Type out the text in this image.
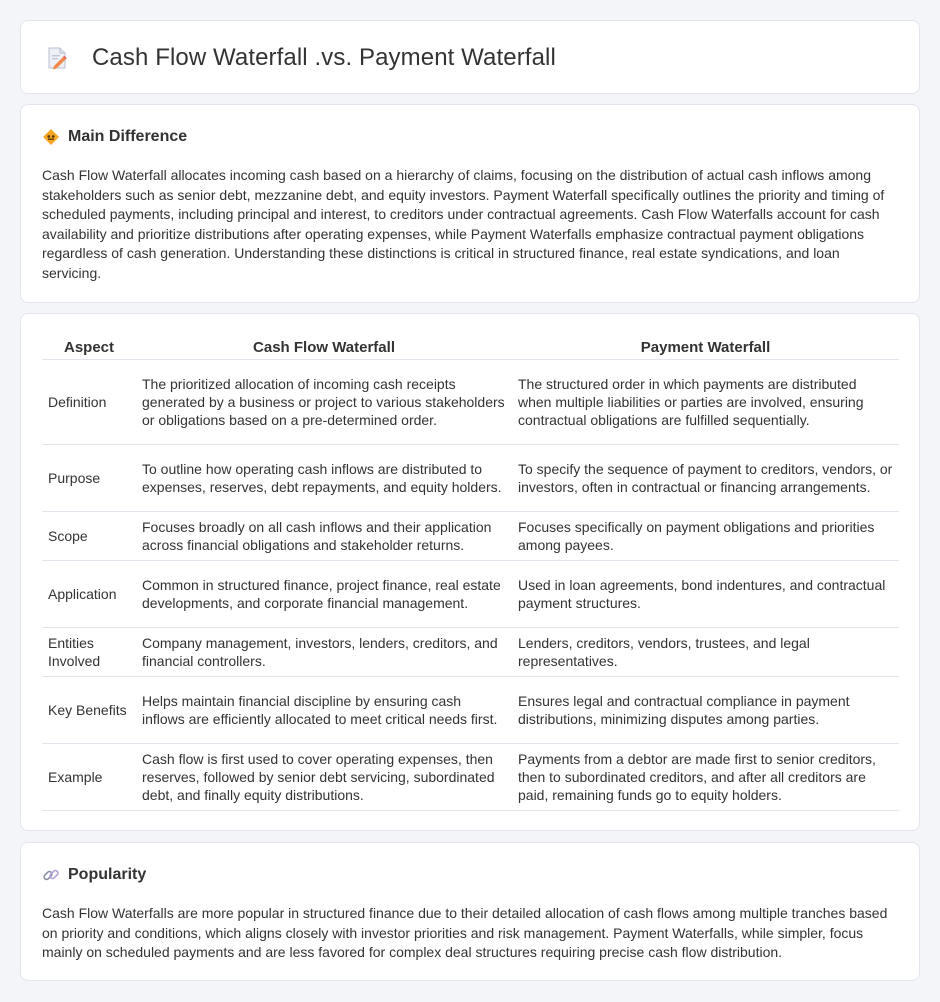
Cash Flow Waterfall .vs. Payment Waterfall
Main Difference

Cash Flow Waterfall allocates incoming cash based on a hierarchy of claims, focusing on the distribution of actual cash inflows among stakeholders such as senior debt, mezzanine debt, and equity investors. Payment Waterfall specifically outlines the priority and timing of scheduled payments, including principal and interest, to creditors under contractual agreements. Cash Flow Waterfalls account for cash availability and prioritize distributions after operating expenses, while Payment Waterfalls emphasize contractual payment obligations regardless of cash generation. Understanding these distinctions is critical in structured finance, real estate syndications, and loan servicing.

Aspect	Cash Flow Waterfall	Payment Waterfall
Definition	The prioritized allocation of incoming cash receipts generated by a business or project to various stakeholders or obligations based on a pre-determined order.	The structured order in which payments are distributed when multiple liabilities or parties are involved, ensuring contractual obligations are fulfilled sequentially.
Purpose	To outline how operating cash inflows are distributed to expenses, reserves, debt repayments, and equity holders.	To specify the sequence of payment to creditors, vendors, or investors, often in contractual or financing arrangements.
Scope	Focuses broadly on all cash inflows and their application across financial obligations and stakeholder returns.	Focuses specifically on payment obligations and priorities among payees.
Application	Common in structured finance, project finance, real estate developments, and corporate financial management.	Used in loan agreements, bond indentures, and contractual payment structures.
Entities Involved	Company management, investors, lenders, creditors, and financial controllers.	Lenders, creditors, vendors, trustees, and legal representatives.
Key Benefits	Helps maintain financial discipline by ensuring cash inflows are efficiently allocated to meet critical needs first.	Ensures legal and contractual compliance in payment distributions, minimizing disputes among parties.
Example	Cash flow is first used to cover operating expenses, then reserves, followed by senior debt servicing, subordinated debt, and finally equity distributions.	Payments from a debtor are made first to senior creditors, then to subordinated creditors, and after all creditors are paid, remaining funds go to equity holders.
Popularity

Cash Flow Waterfalls are more popular in structured finance due to their detailed allocation of cash flows among multiple tranches based on priority and conditions, which aligns closely with investor priorities and risk management. Payment Waterfalls, while simpler, focus mainly on scheduled payments and are less favored for complex deal structures requiring precise cash flow distribution.
